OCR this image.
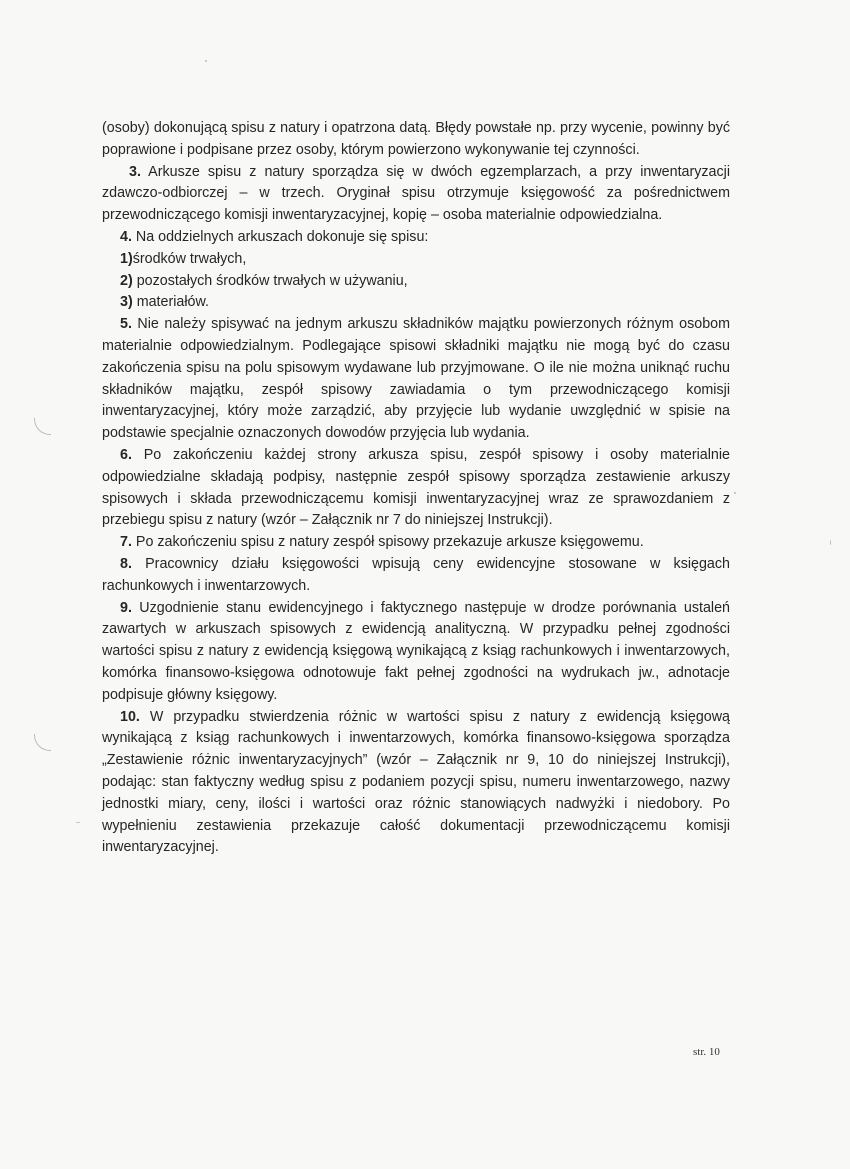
(osoby) dokonującą spisu z natury i opatrzona datą. Błędy powstałe np. przy wycenie, powinny być poprawione i podpisane przez osoby, którym powierzono wykonywanie tej czynności.

3. Arkusze spisu z natury sporządza się w dwóch egzemplarzach, a przy inwentaryzacji zdawczo-odbiorczej – w trzech. Oryginał spisu otrzymuje księgowość za pośrednictwem przewodniczącego komisji inwentaryzacyjnej, kopię – osoba materialnie odpowiedzialna.

4. Na oddzielnych arkuszach dokonuje się spisu:

1)środków trwałych,

2) pozostałych środków trwałych w używaniu,

3) materiałów.

5. Nie należy spisywać na jednym arkuszu składników majątku powierzonych różnym osobom materialnie odpowiedzialnym. Podlegające spisowi składniki majątku nie mogą być do czasu zakończenia spisu na polu spisowym wydawane lub przyjmowane. O ile nie można uniknąć ruchu składników majątku, zespół spisowy zawiadamia o tym przewodniczącego komisji inwentaryzacyjnej, który może zarządzić, aby przyjęcie lub wydanie uwzględnić w spisie na podstawie specjalnie oznaczonych dowodów przyjęcia lub wydania.

6. Po zakończeniu każdej strony arkusza spisu, zespół spisowy i osoby materialnie odpowiedzialne składają podpisy, następnie zespół spisowy sporządza zestawienie arkuszy spisowych i składa przewodniczącemu komisji inwentaryzacyjnej wraz ze sprawozdaniem z przebiegu spisu z natury (wzór – Załącznik nr 7 do niniejszej Instrukcji).

7. Po zakończeniu spisu z natury zespół spisowy przekazuje arkusze księgowemu.

8. Pracownicy działu księgowości wpisują ceny ewidencyjne stosowane w księgach rachunkowych i inwentarzowych.

9. Uzgodnienie stanu ewidencyjnego i faktycznego następuje w drodze porównania ustaleń zawartych w arkuszach spisowych z ewidencją analityczną. W przypadku pełnej zgodności wartości spisu z natury z ewidencją księgową wynikającą z ksiąg rachunkowych i inwentarzowych, komórka finansowo-księgowa odnotowuje fakt pełnej zgodności na wydrukach jw., adnotacje podpisuje główny księgowy.

10. W przypadku stwierdzenia różnic w wartości spisu z natury z ewidencją księgową wynikającą z ksiąg rachunkowych i inwentarzowych, komórka finansowo-księgowa sporządza „Zestawienie różnic inwentaryzacyjnych” (wzór – Załącznik nr 9, 10 do niniejszej Instrukcji), podając: stan faktyczny według spisu z podaniem pozycji spisu, numeru inwentarzowego, nazwy jednostki miary, ceny, ilości i wartości oraz różnic stanowiących nadwyżki i niedobory. Po wypełnieniu zestawienia przekazuje całość dokumentacji przewodniczącemu komisji inwentaryzacyjnej.

str. 10
